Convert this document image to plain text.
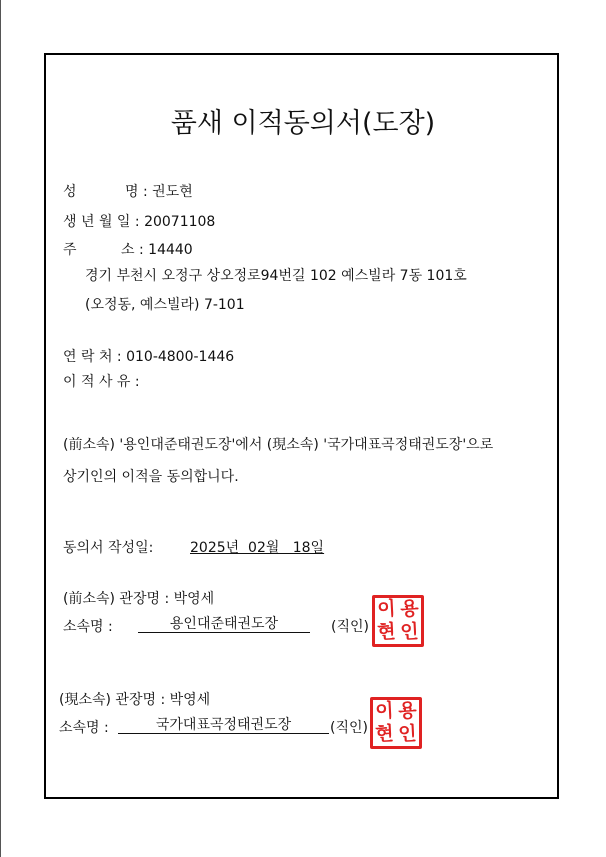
품새 이적동의서(도장)
성	명 : 권도현
생 년 월 일 : 20071108
주	소 : 14440
경기 부천시 오정구 상오정로94번길 102 예스빌라 7동 101호
(오정동, 예스빌라) 7-101
연 락 처 : 010-4800-1446
이 적 사 유 :
(前소속) '용인대준태권도장'에서 (現소속) '국가대표곡정태권도장'으로
상기인의 이적을 동의합니다.
동의서 작성일:	2025년  02월   18일
(前소속) 관장명 : 박영세
소속명 :	용인대준태권도장	(직인)
이 용
현 인
(現소속) 관장명 : 박영세
소속명 :	국가대표곡정태권도장	(직인)
이 용
현 인
